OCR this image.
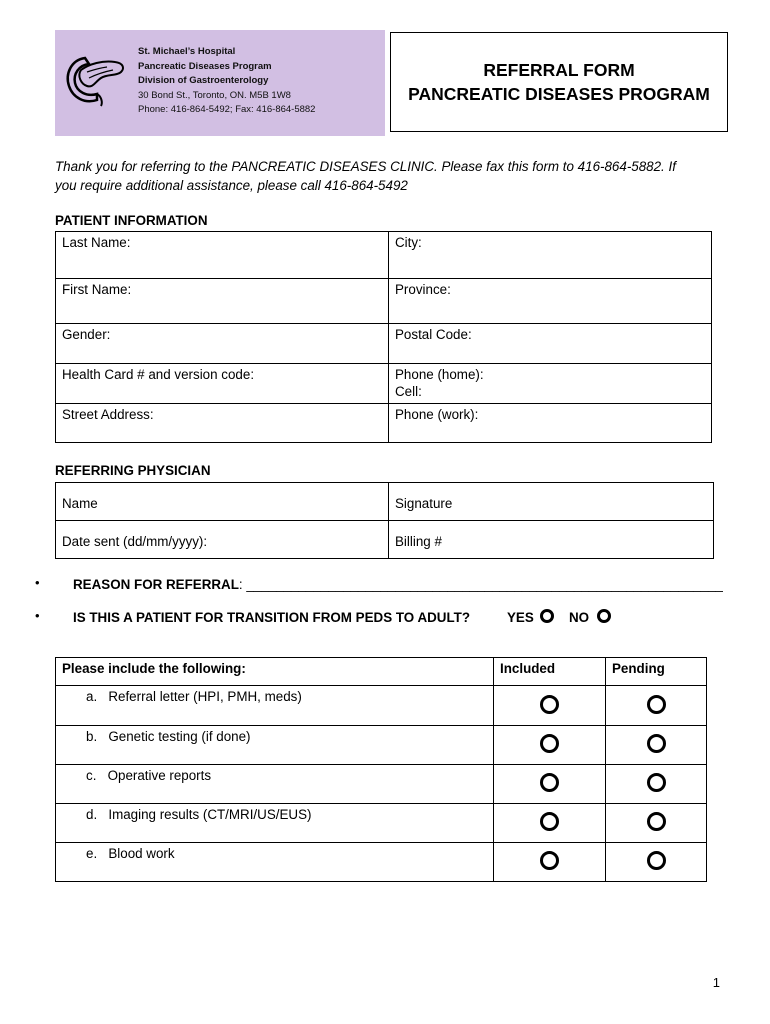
St. Michael’s Hospital
Pancreatic Diseases Program
Division of Gastroenterology
30 Bond St., Toronto, ON. M5B 1W8
Phone: 416-864-5492; Fax: 416-864-5882
REFERRAL FORM
PANCREATIC DISEASES PROGRAM
Thank you for referring to the PANCREATIC DISEASES CLINIC. Please fax this form to 416-864-5882. If you require additional assistance, please call 416-864-5492
PATIENT INFORMATION
Last Name:	City:
First Name:	Province:
Gender:	Postal Code:
Health Card # and version code:	Phone (home):
Cell:

Street Address:	Phone (work):
REFERRING PHYSICIAN
Name	Signature
Date sent (dd/mm/yyyy):	Billing #
• REASON FOR REFERRAL: ________________________________________________________________
• IS THIS A PATIENT FOR TRANSITION FROM PEDS TO ADULT?	YES	NO
Please include the following:	Included	Pending
a. Referral letter (HPI, PMH, meds)		
b. Genetic testing (if done)		
c. Operative reports		
d. Imaging results (CT/MRI/US/EUS)		
e. Blood work		
1
